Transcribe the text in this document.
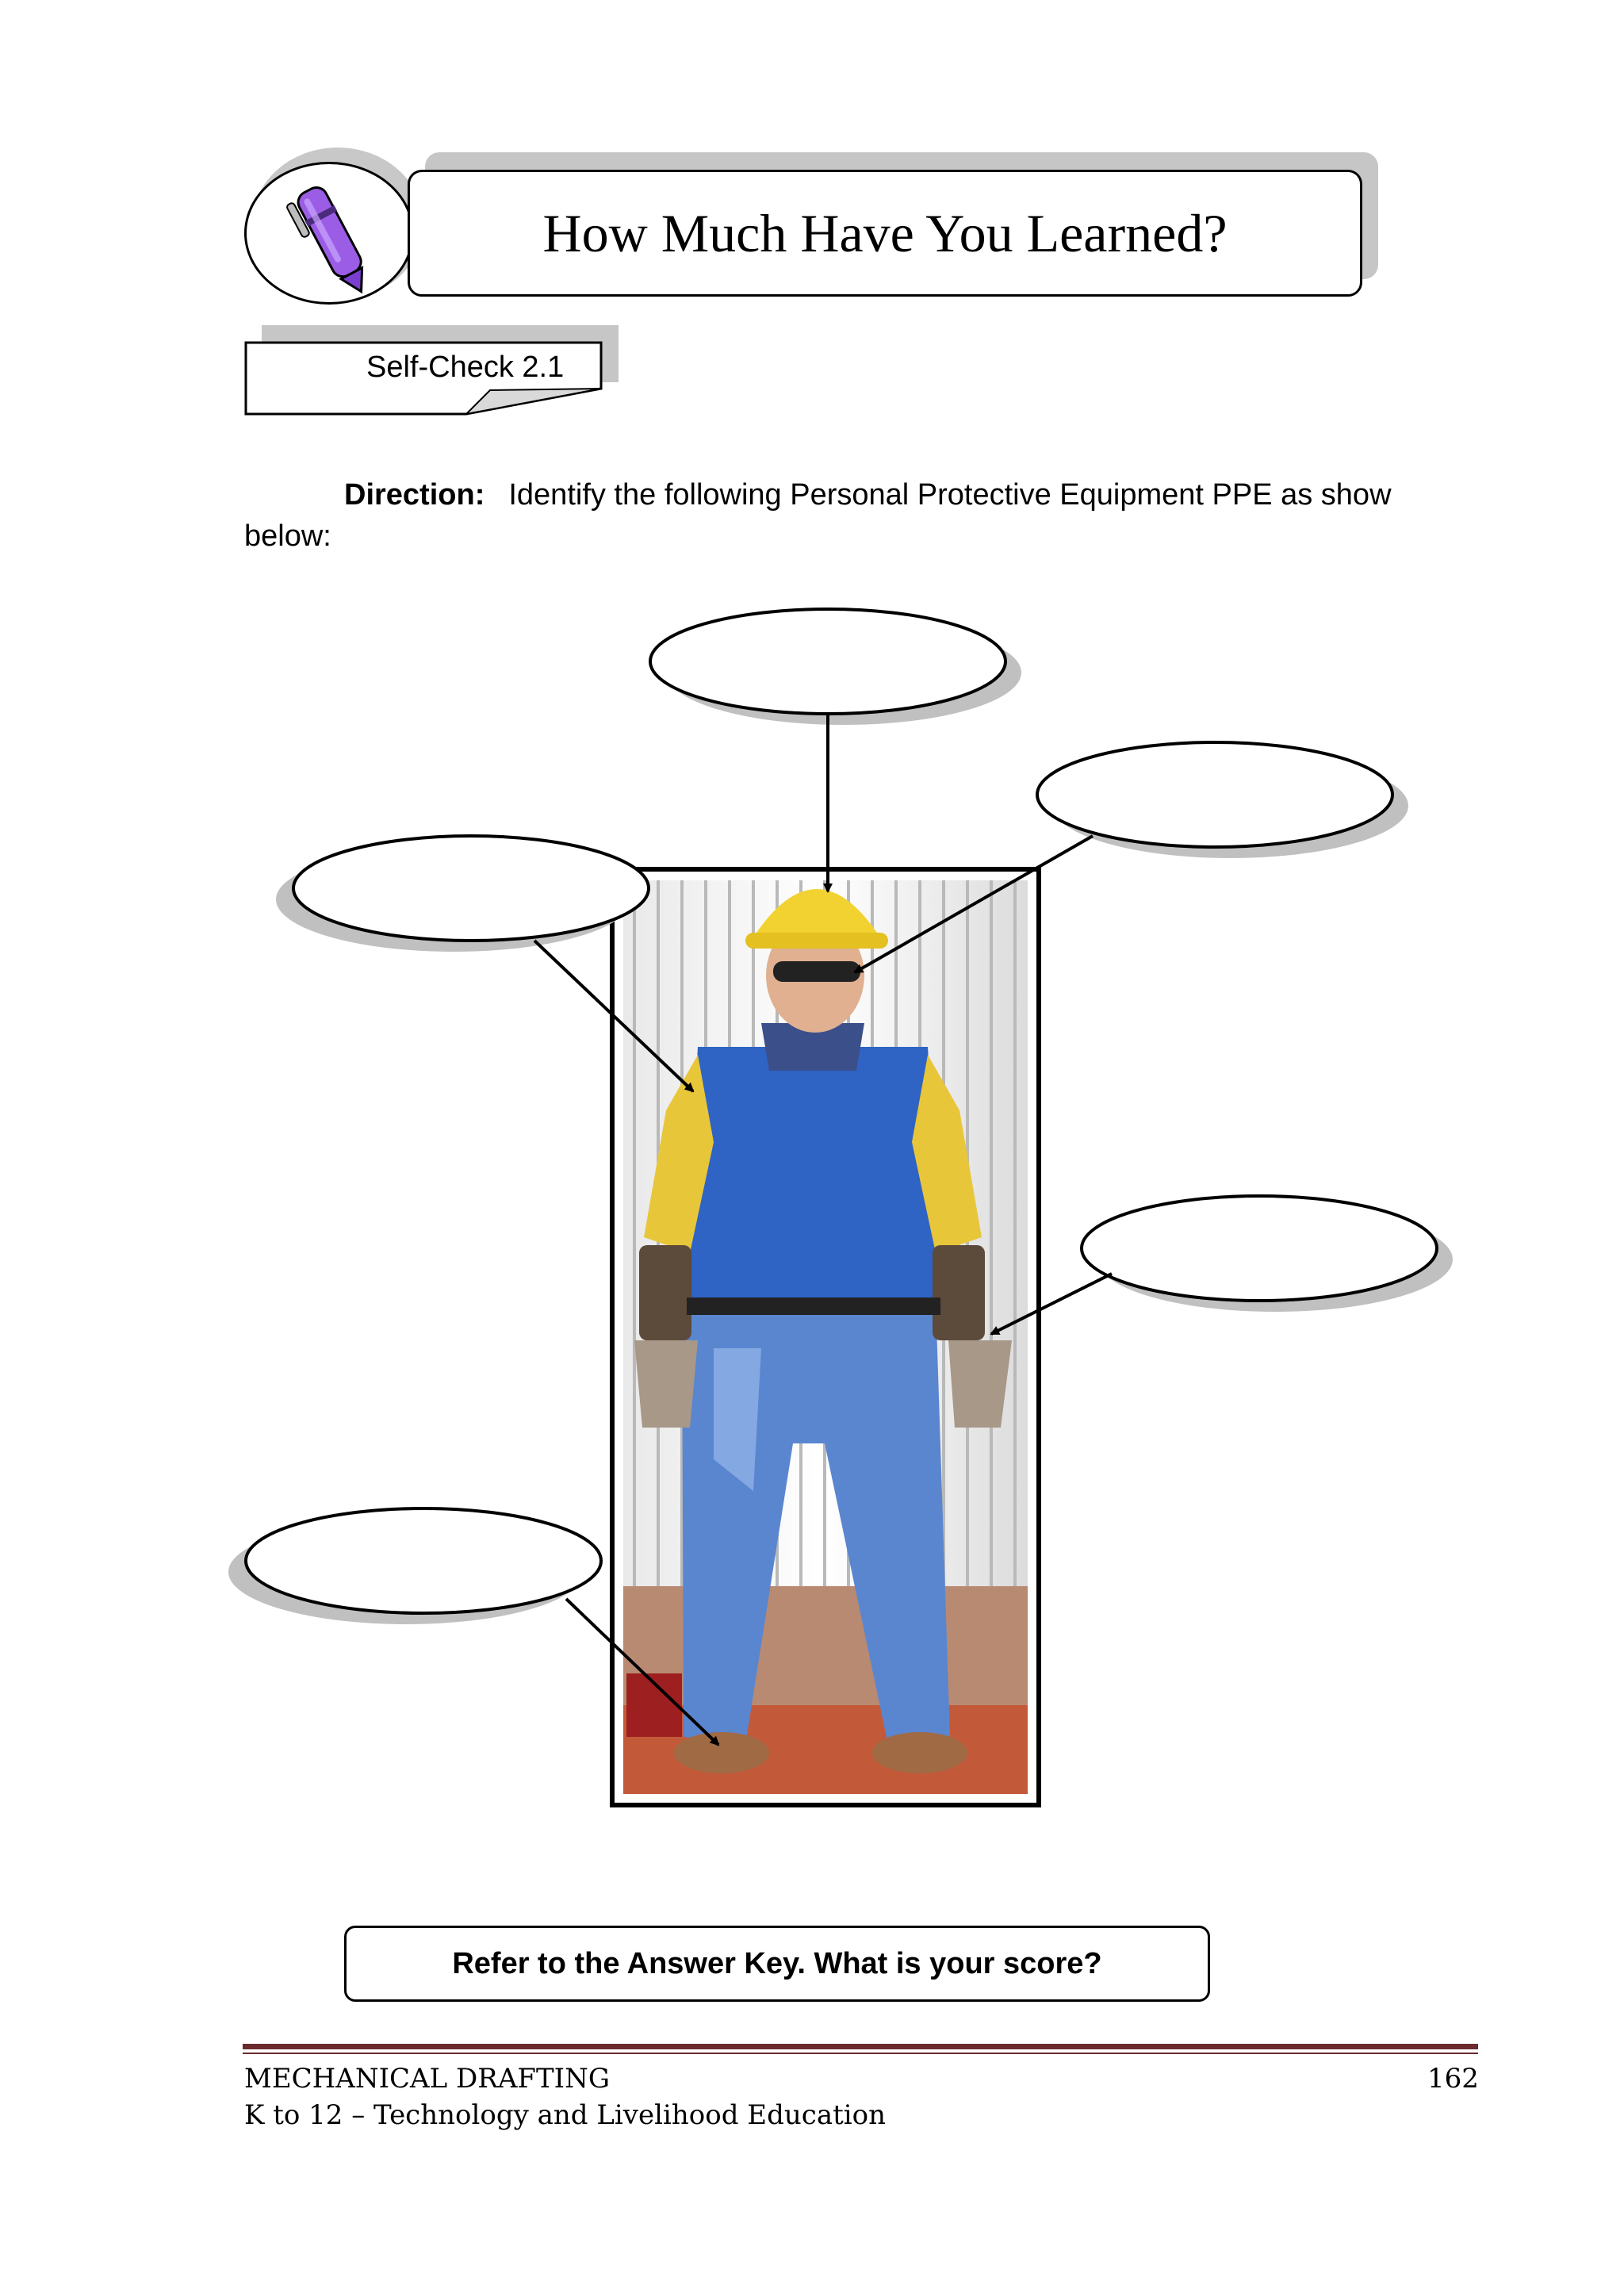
How Much Have You Learned?
Self-Check 2.1
Direction: Identify the following Personal Protective Equipment PPE as show below:
Refer to the Answer Key. What is your score?
MECHANICAL DRAFTING
K to 12 – Technology and Livelihood Education
162
